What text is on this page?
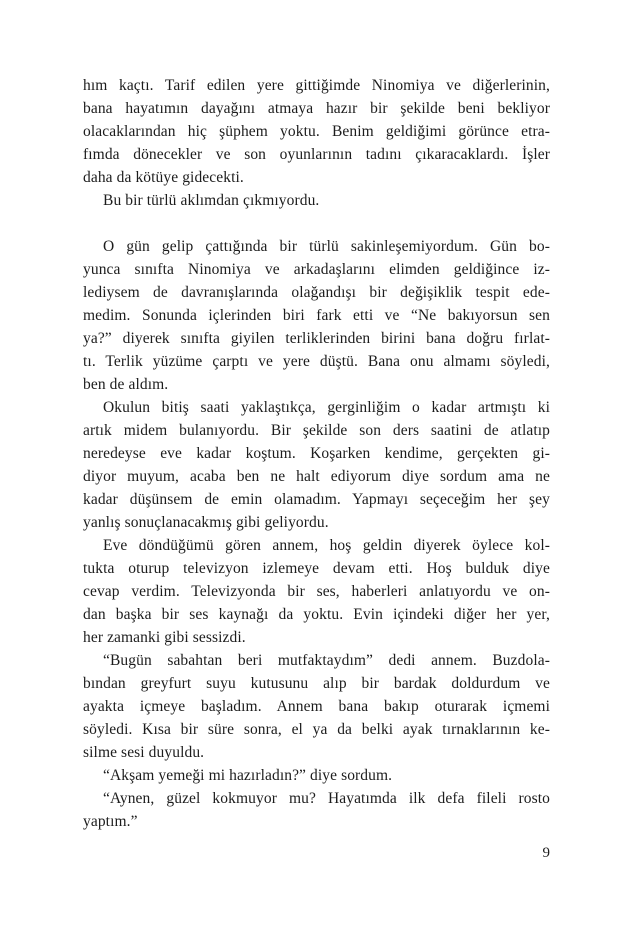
hım kaçtı. Tarif edilen yere gittiğimde Ninomiya ve diğerlerinin,
bana hayatımın dayağını atmaya hazır bir şekilde beni bekliyor
olacaklarından hiç şüphem yoktu. Benim geldiğimi görünce etra-
fımda dönecekler ve son oyunlarının tadını çıkaracaklardı. İşler
daha da kötüye gidecekti.
Bu bir türlü aklımdan çıkmıyordu.
O gün gelip çattığında bir türlü sakinleşemiyordum. Gün bo-
yunca sınıfta Ninomiya ve arkadaşlarını elimden geldiğince iz-
lediysem de davranışlarında olağandışı bir değişiklik tespit ede-
medim. Sonunda içlerinden biri fark etti ve “Ne bakıyorsun sen
ya?” diyerek sınıfta giyilen terliklerinden birini bana doğru fırlat-
tı. Terlik yüzüme çarptı ve yere düştü. Bana onu almamı söyledi,
ben de aldım.
Okulun bitiş saati yaklaştıkça, gerginliğim o kadar artmıştı ki
artık midem bulanıyordu. Bir şekilde son ders saatini de atlatıp
neredeyse eve kadar koştum. Koşarken kendime, gerçekten gi-
diyor muyum, acaba ben ne halt ediyorum diye sordum ama ne
kadar düşünsem de emin olamadım. Yapmayı seçeceğim her şey
yanlış sonuçlanacakmış gibi geliyordu.
Eve döndüğümü gören annem, hoş geldin diyerek öylece kol-
tukta oturup televizyon izlemeye devam etti. Hoş bulduk diye
cevap verdim. Televizyonda bir ses, haberleri anlatıyordu ve on-
dan başka bir ses kaynağı da yoktu. Evin içindeki diğer her yer,
her zamanki gibi sessizdi.
“Bugün sabahtan beri mutfaktaydım” dedi annem. Buzdola-
bından greyfurt suyu kutusunu alıp bir bardak doldurdum ve
ayakta içmeye başladım. Annem bana bakıp oturarak içmemi
söyledi. Kısa bir süre sonra, el ya da belki ayak tırnaklarının ke-
silme sesi duyuldu.
“Akşam yemeği mi hazırladın?” diye sordum.
“Aynen, güzel kokmuyor mu? Hayatımda ilk defa fileli rosto
yaptım.”
9
